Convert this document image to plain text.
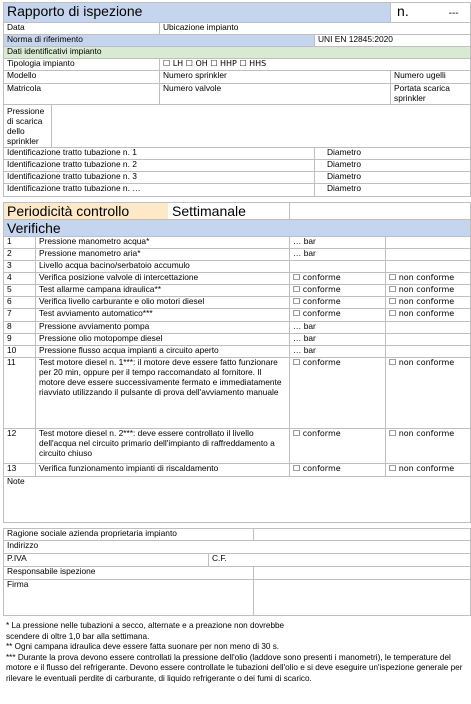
Rapporto di ispezione				n. ---
Data		Ubicazione impianto		
Norma di riferimento			UNI EN 12845:2020	
Dati identificativi impianto				
Tipologia impianto		☐ LH ☐ OH ☐ HHP ☐ HHS		
Modello		Numero sprinkler		Numero ugelli
Matricola		Numero valvole		Portata scarica sprinkler
Pressione di scarica dello sprinkler				
Identificazione tratto tubazione n. 1			Diametro	
Identificazione tratto tubazione n. 2			Diametro	
Identificazione tratto tubazione n. 3			Diametro	
Identificazione tratto tubazione n. …			Diametro	
Periodicità controllo Settimanale			
Verifiche			
1	Pressione manometro acqua*	… bar	
2	Pressione manometro aria*	… bar	
3	Livello acqua bacino/serbatoio accumulo		
4	Verifica posizione valvole di intercettazione	☐ conforme	☐ non conforme
5	Test allarme campana idraulica**	☐ conforme	☐ non conforme
6	Verifica livello carburante e olio motori diesel	☐ conforme	☐ non conforme
7	Test avviamento automatico***	☐ conforme	☐ non conforme
8	Pressione avviamento pompa	… bar	
9	Pressione olio motopompe diesel	… bar	
10	Pressione flusso acqua impianti a circuito aperto	… bar	
11	Test motore diesel n. 1***: il motore deve essere fatto funzionare per 20 min, oppure per il tempo raccomandato al fornitore. Il motore deve essere successivamente fermato e immediatamente riavviato utilizzando il pulsante di prova dell'avviamento manuale	☐ conforme	☐ non conforme
12	Test motore diesel n. 2***: deve essere controllato il livello dell'acqua nel circuito primario dell'impianto di raffreddamento a circuito chiuso	☐ conforme	☐ non conforme
13	Verifica funzionamento impianti di riscaldamento	☐ conforme	☐ non conforme
Note			
Ragione sociale azienda proprietaria impianto		
Indirizzo		
P.IVA	C.F.	
Responsabile ispezione		
Firma		

* La pressione nelle tubazioni a secco, alternate e a preazione non dovrebbe scendere di oltre 1,0 bar alla settimana.

** Ogni campana idraulica deve essere fatta suonare per non meno di 30 s.

*** Durante la prova devono essere controllati la pressione dell'olio (laddove sono presenti i manometri), le temperature del motore e il flusso del refrigerante. Devono essere controllate le tubazioni dell'olio e si deve eseguire un'ispezione generale per rilevare le eventuali perdite di carburante, di liquido refrigerante o dei fumi di scarico.
